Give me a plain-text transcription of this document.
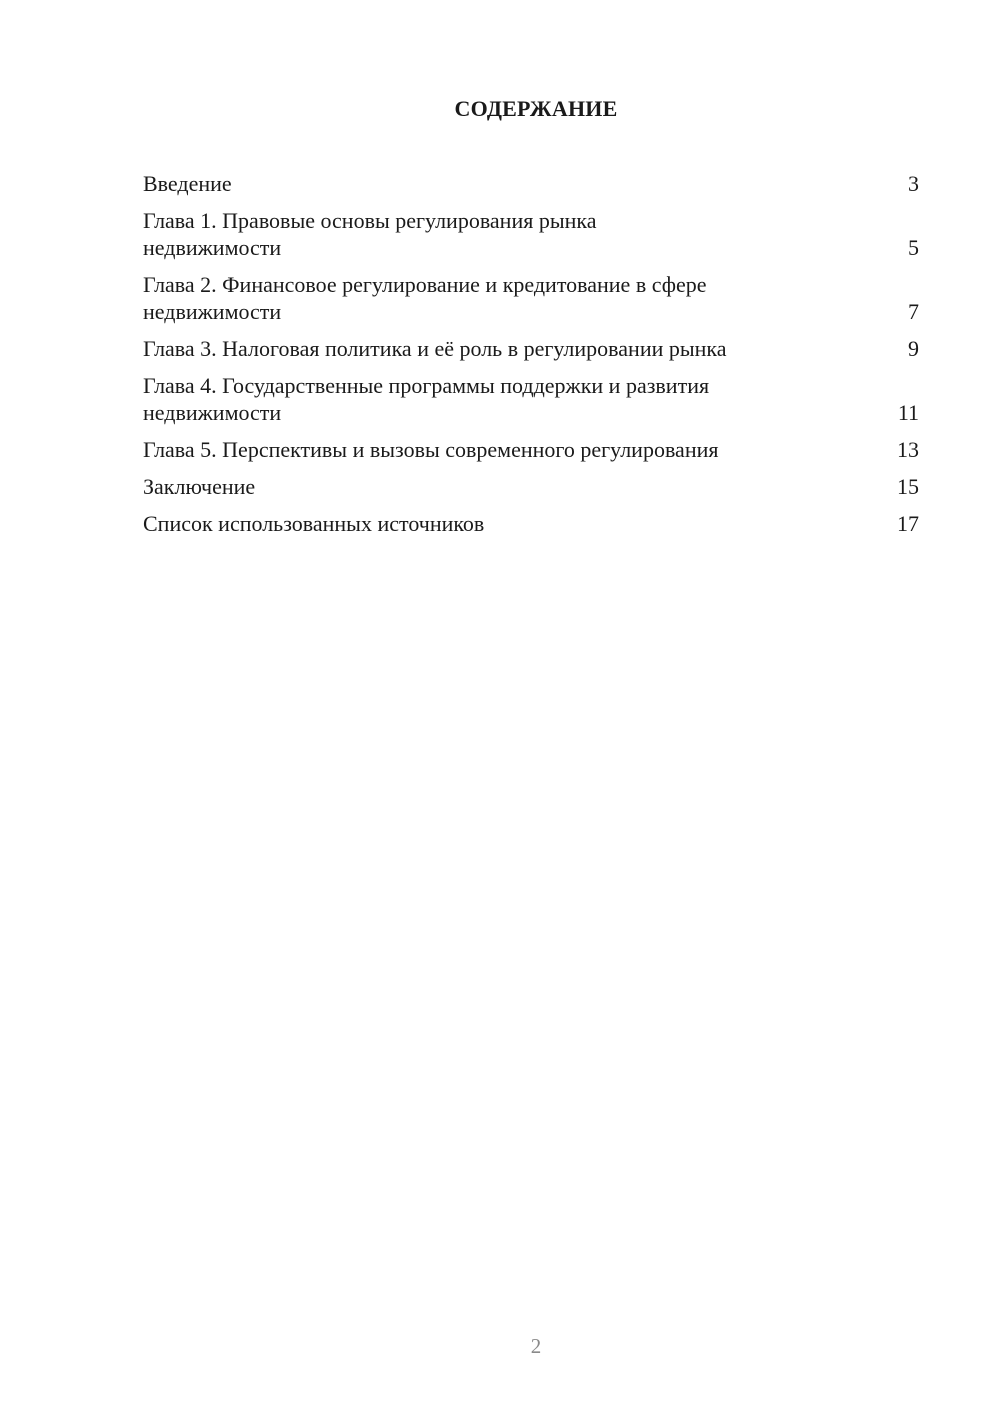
СОДЕРЖАНИЕ
Введение	3
Глава 1. Правовые основы регулирования рынка недвижимости	5
Глава 2. Финансовое регулирование и кредитование в сфере недвижимости	7
Глава 3. Налоговая политика и её роль в регулировании рынка	9
Глава 4. Государственные программы поддержки и развития недвижимости	11
Глава 5. Перспективы и вызовы современного регулирования	13
Заключение	15
Список использованных источников	17
2
